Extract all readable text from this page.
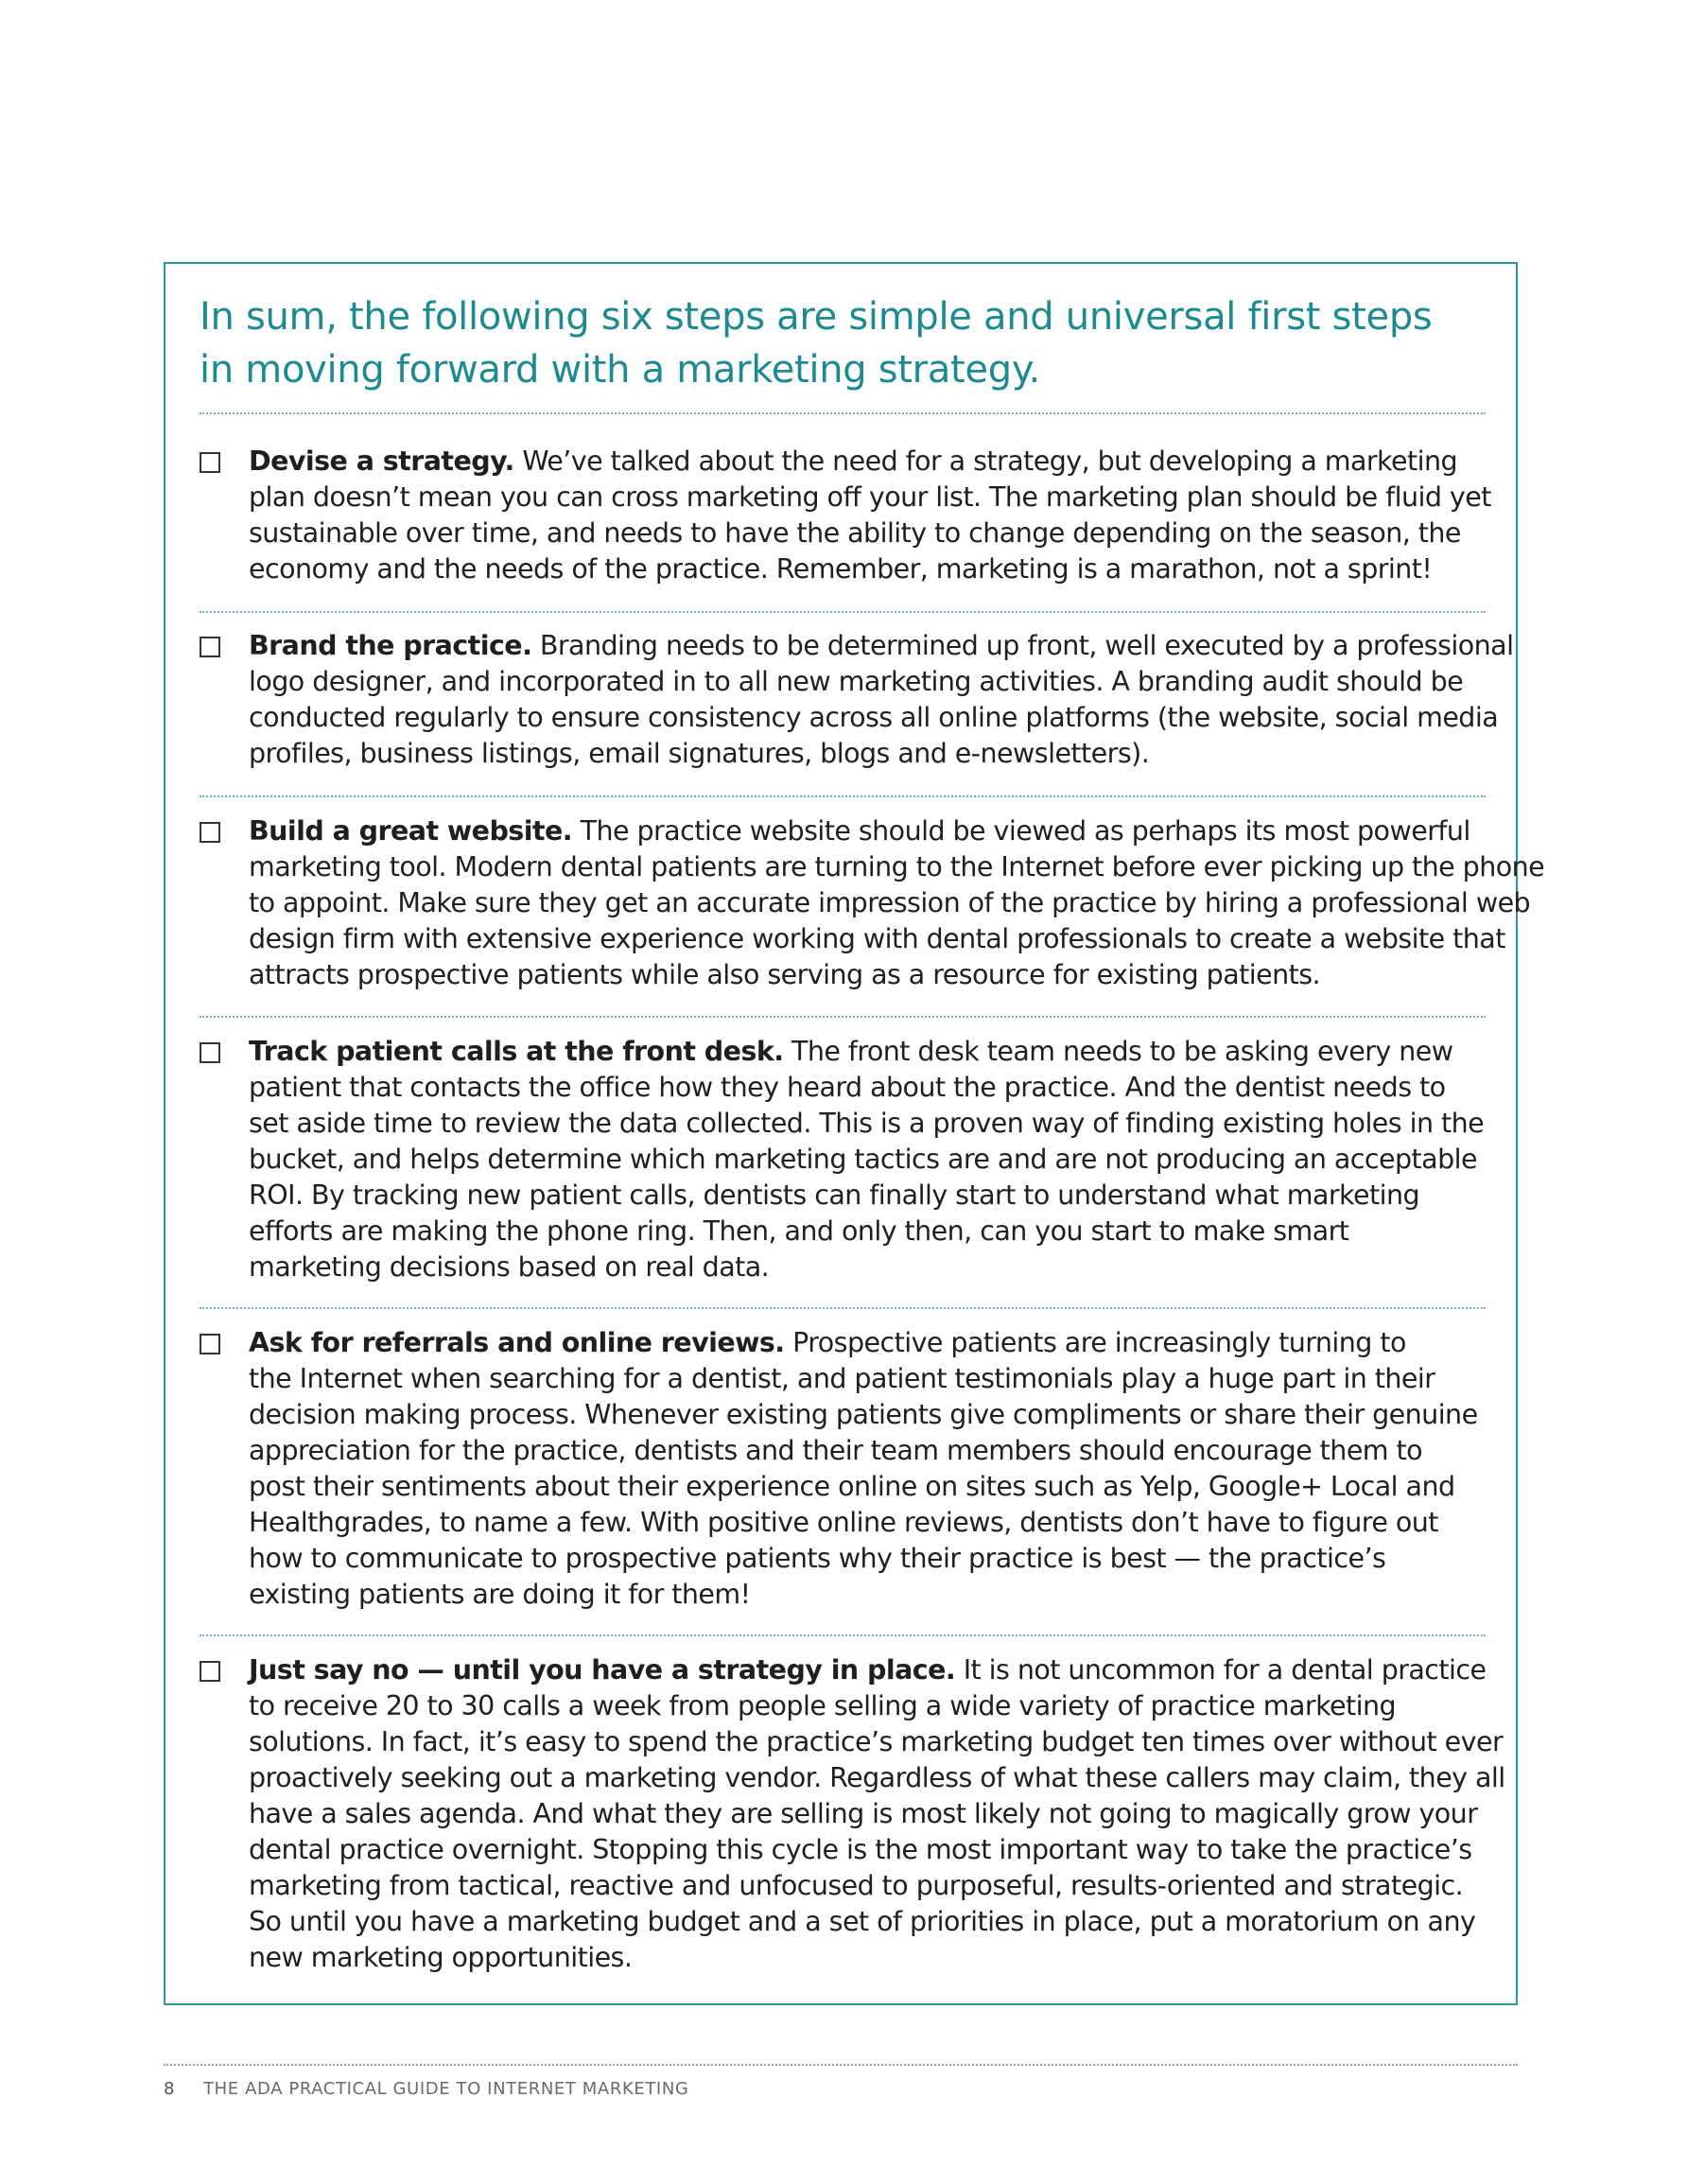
In sum, the following six steps are simple and universal first steps
in moving forward with a marketing strategy.
Devise a strategy. We’ve talked about the need for a strategy, but developing a marketing
plan doesn’t mean you can cross marketing off your list. The marketing plan should be fluid yet
sustainable over time, and needs to have the ability to change depending on the season, the
economy and the needs of the practice. Remember, marketing is a marathon, not a sprint!
Brand the practice. Branding needs to be determined up front, well executed by a professional
logo designer, and incorporated in to all new marketing activities. A branding audit should be
conducted regularly to ensure consistency across all online platforms (the website, social media
profiles, business listings, email signatures, blogs and e-newsletters).
Build a great website. The practice website should be viewed as perhaps its most powerful
marketing tool. Modern dental patients are turning to the Internet before ever picking up the phone
to appoint. Make sure they get an accurate impression of the practice by hiring a professional web
design firm with extensive experience working with dental professionals to create a website that
attracts prospective patients while also serving as a resource for existing patients.
Track patient calls at the front desk. The front desk team needs to be asking every new
patient that contacts the office how they heard about the practice. And the dentist needs to
set aside time to review the data collected. This is a proven way of finding existing holes in the
bucket, and helps determine which marketing tactics are and are not producing an acceptable
ROI. By tracking new patient calls, dentists can finally start to understand what marketing
efforts are making the phone ring. Then, and only then, can you start to make smart
marketing decisions based on real data.
Ask for referrals and online reviews. Prospective patients are increasingly turning to
the Internet when searching for a dentist, and patient testimonials play a huge part in their
decision making process. Whenever existing patients give compliments or share their genuine
appreciation for the practice, dentists and their team members should encourage them to
post their sentiments about their experience online on sites such as Yelp, Google+ Local and
Healthgrades, to name a few. With positive online reviews, dentists don’t have to figure out
how to communicate to prospective patients why their practice is best — the practice’s
existing patients are doing it for them!
Just say no — until you have a strategy in place. It is not uncommon for a dental practice
to receive 20 to 30 calls a week from people selling a wide variety of practice marketing
solutions. In fact, it’s easy to spend the practice’s marketing budget ten times over without ever
proactively seeking out a marketing vendor. Regardless of what these callers may claim, they all
have a sales agenda. And what they are selling is most likely not going to magically grow your
dental practice overnight. Stopping this cycle is the most important way to take the practice’s
marketing from tactical, reactive and unfocused to purposeful, results-oriented and strategic.
So until you have a marketing budget and a set of priorities in place, put a moratorium on any
new marketing opportunities.
8 THE ADA PRACTICAL GUIDE TO INTERNET MARKETING
